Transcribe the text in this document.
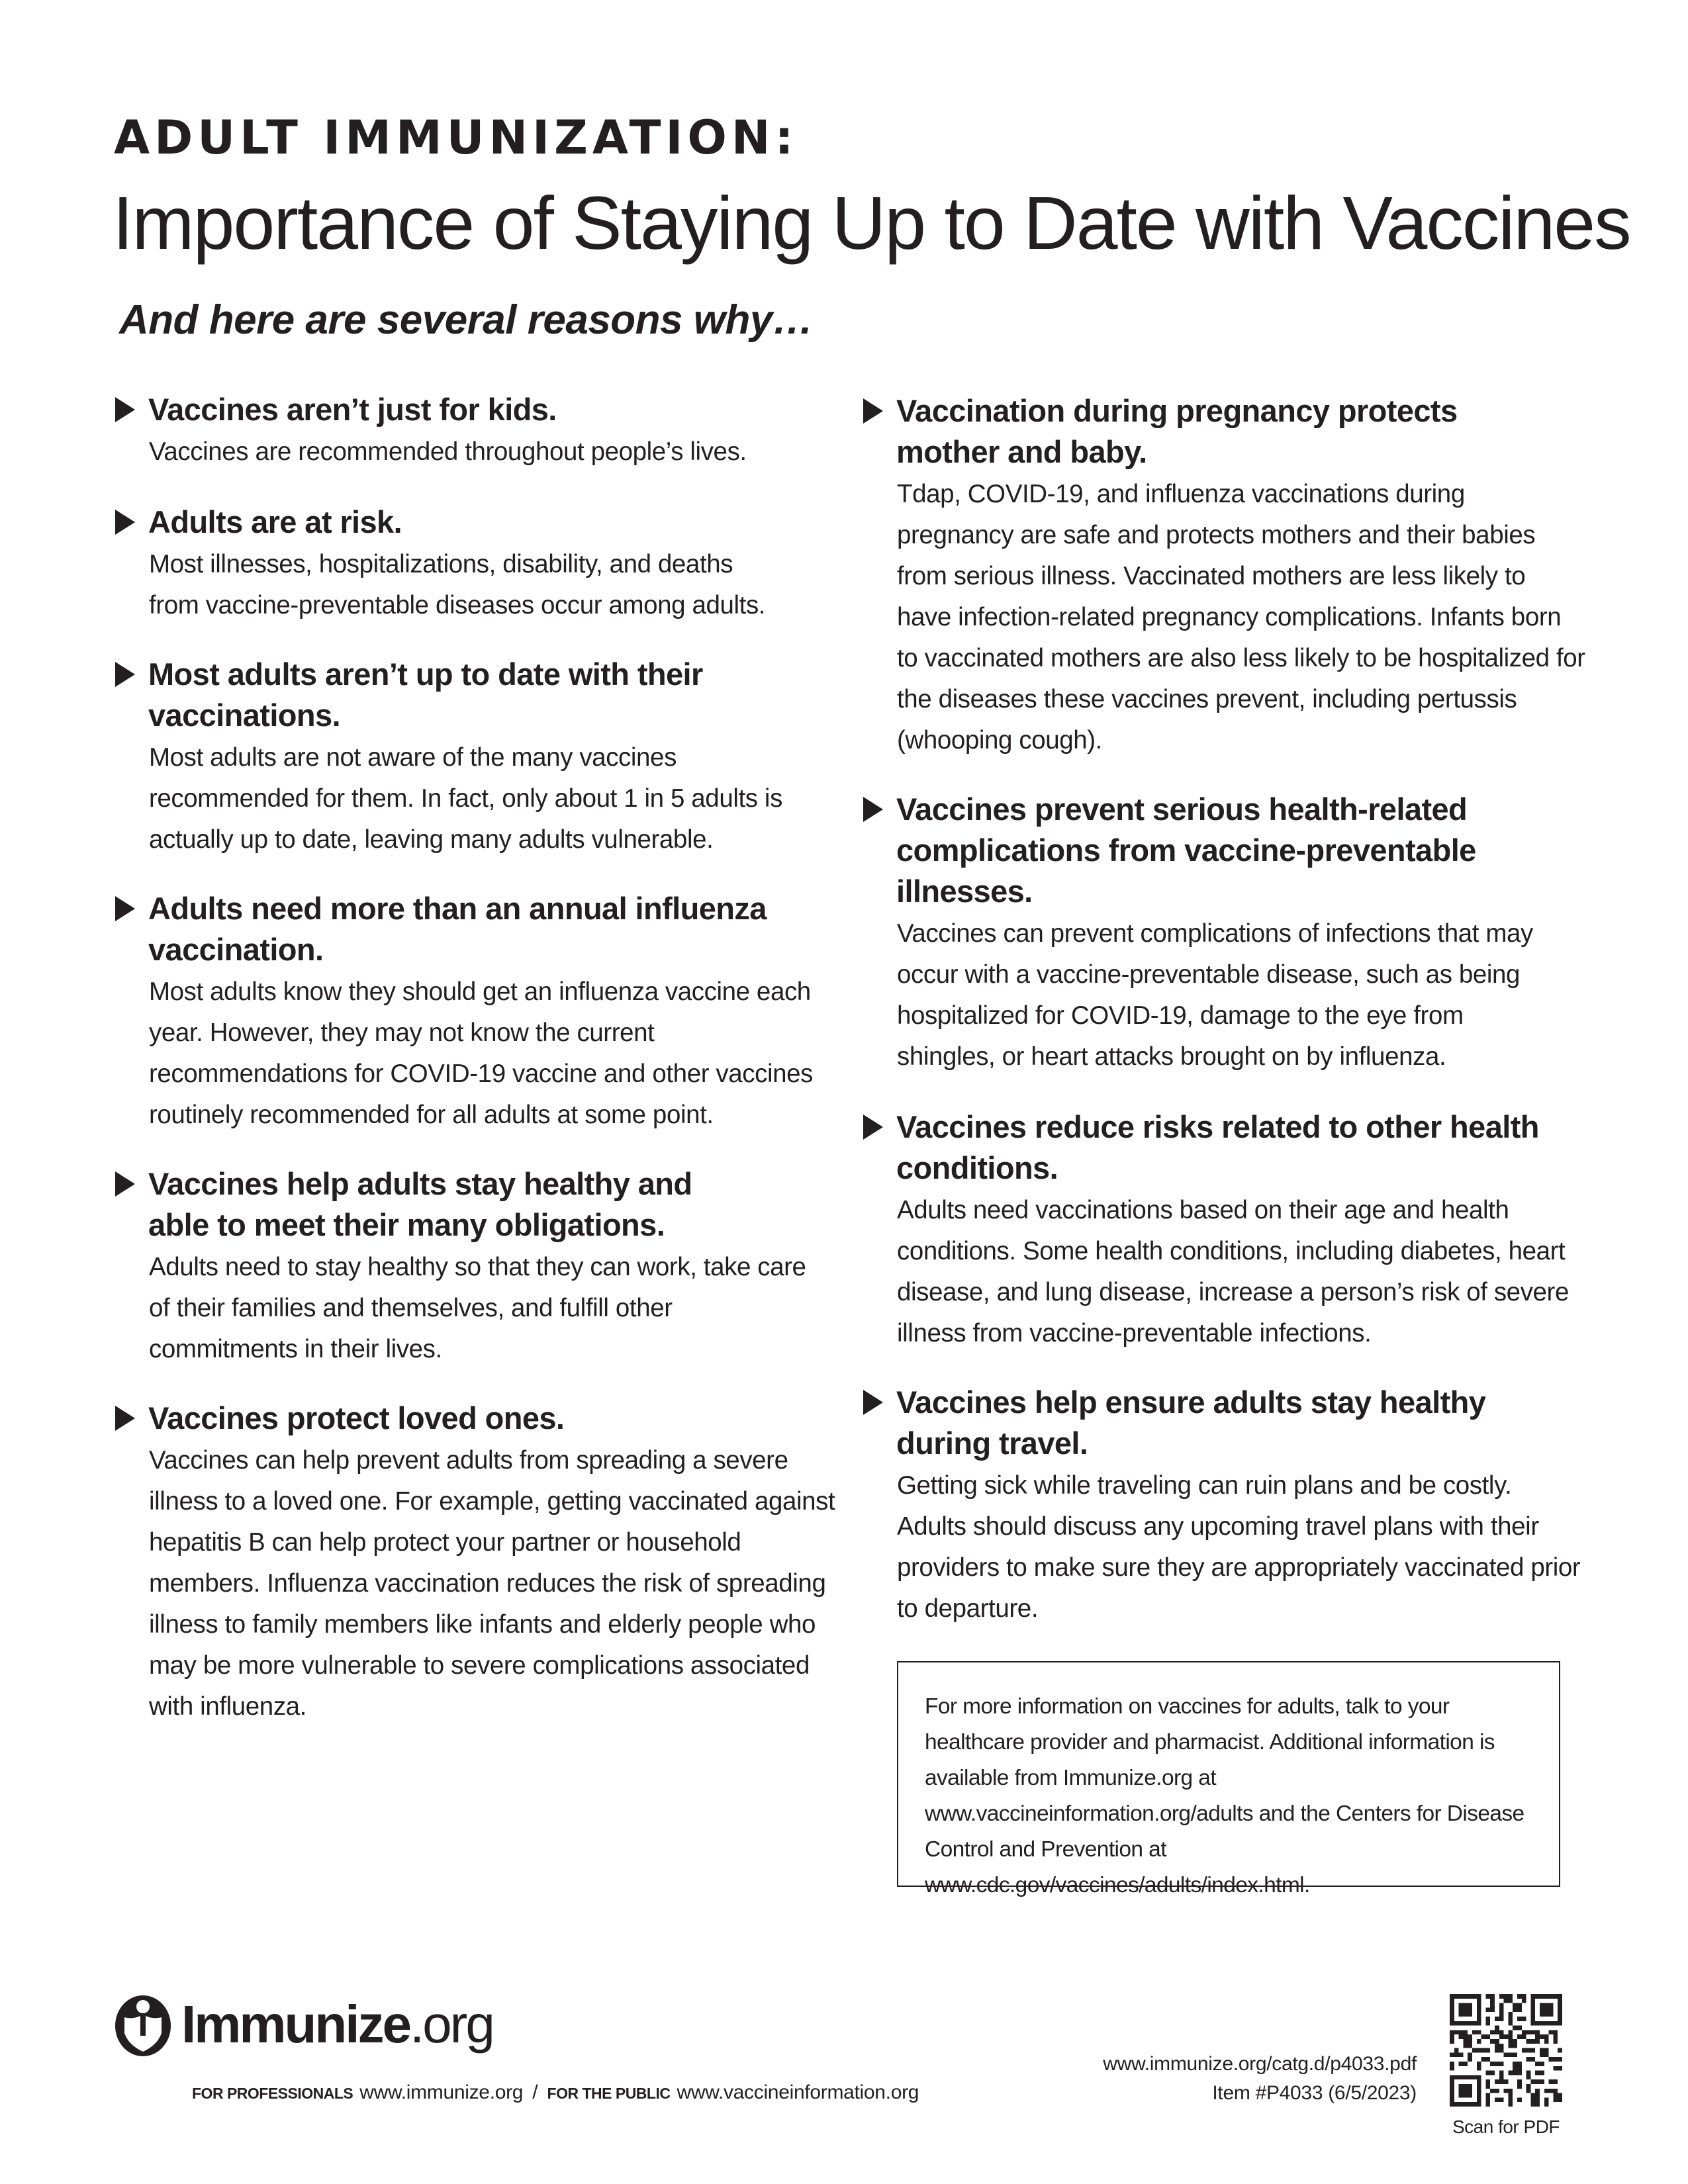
ADULT IMMUNIZATION:
Importance of Staying Up to Date with Vaccines
And here are several reasons why…
Vaccines aren’t just for kids.
Vaccines are recommended throughout people’s lives.
Adults are at risk.
Most illnesses, hospitalizations, disability, and deaths from vaccine-preventable diseases occur among adults.
Most adults aren’t up to date with their vaccinations.
Most adults are not aware of the many vaccines recommended for them. In fact, only about 1 in 5 adults is actually up to date, leaving many adults vulnerable.
Adults need more than an annual influenza vaccination.
Most adults know they should get an influenza vaccine each year. However, they may not know the current recommendations for COVID-19 vaccine and other vaccines routinely recommended for all adults at some point.
Vaccines help adults stay healthy and able to meet their many obligations.
Adults need to stay healthy so that they can work, take care of their families and themselves, and fulfill other commitments in their lives.
Vaccines protect loved ones.
Vaccines can help prevent adults from spreading a severe illness to a loved one. For example, getting vaccinated against hepatitis B can help protect your partner or household members. Influenza vaccination reduces the risk of spreading illness to family members like infants and elderly people who may be more vulnerable to severe complications associated with influenza.
Vaccination during pregnancy protects mother and baby.
Tdap, COVID-19, and influenza vaccinations during pregnancy are safe and protects mothers and their babies from serious illness. Vaccinated mothers are less likely to have infection-related pregnancy complications. Infants born to vaccinated mothers are also less likely to be hospitalized for the diseases these vaccines prevent, including pertussis (whooping cough).
Vaccines prevent serious health-related complications from vaccine-preventable illnesses.
Vaccines can prevent complications of infections that may occur with a vaccine-preventable disease, such as being hospitalized for COVID-19, damage to the eye from shingles, or heart attacks brought on by influenza.
Vaccines reduce risks related to other health conditions.
Adults need vaccinations based on their age and health conditions. Some health conditions, including diabetes, heart disease, and lung disease, increase a person’s risk of severe illness from vaccine-preventable infections.
Vaccines help ensure adults stay healthy during travel.
Getting sick while traveling can ruin plans and be costly. Adults should discuss any upcoming travel plans with their providers to make sure they are appropriately vaccinated prior to departure.
For more information on vaccines for adults, talk to your healthcare provider and pharmacist. Additional information is available from Immunize.org at www.vaccineinformation.org/adults and the Centers for Disease Control and Prevention at www.cdc.gov/vaccines/adults/index.html.
Immunize.org
FOR PROFESSIONALS www.immunize.org / FOR THE PUBLIC www.vaccineinformation.org
www.immunize.org/catg.d/p4033.pdf
Item #P4033 (6/5/2023)
Scan for PDF
